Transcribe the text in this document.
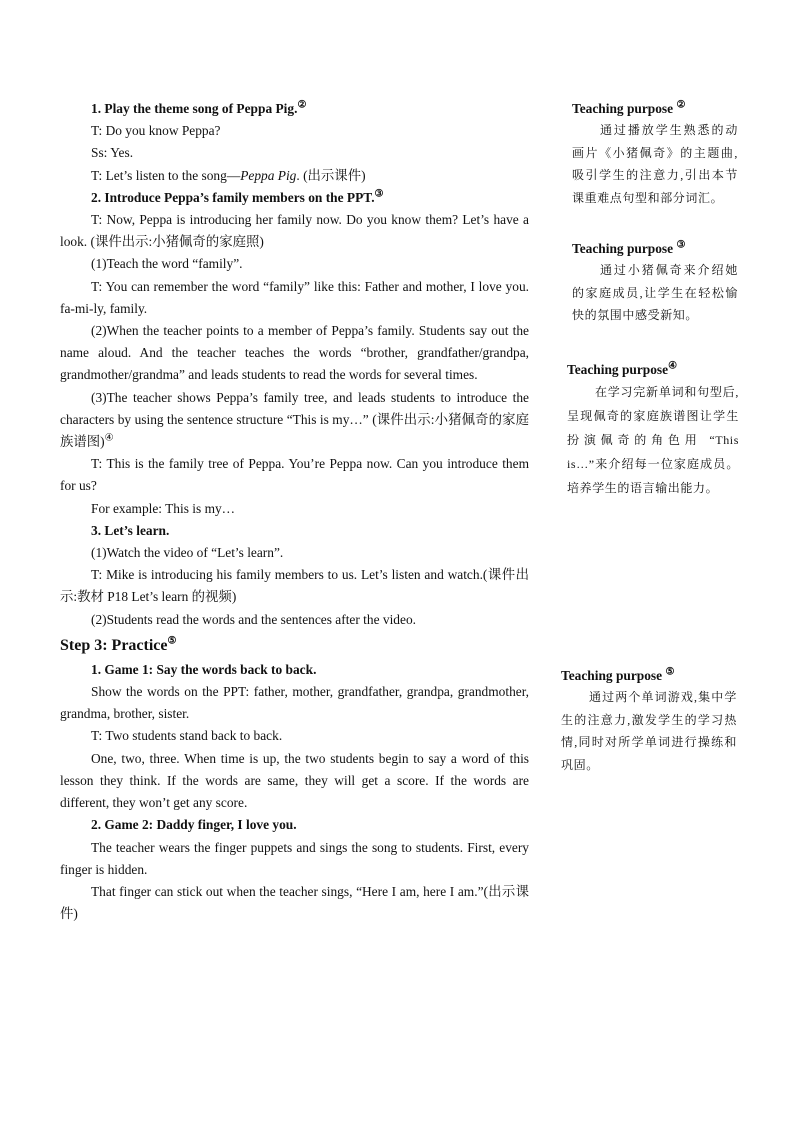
1. Play the theme song of Peppa Pig.②

T: Do you know Peppa?

Ss: Yes.

T: Let’s listen to the song—Peppa Pig. (出示课件)

2. Introduce Peppa’s family members on the PPT.③

T: Now, Peppa is introducing her family now. Do you know them? Let’s have a look. (课件出示:小猪佩奇的家庭照)

(1)Teach the word “family”.

T: You can remember the word “family” like this: Father and mother, I love you. fa-mi-ly, family.

(2)When the teacher points to a member of Peppa’s family. Students say out the name aloud. And the teacher teaches the words “brother, grandfather/grandpa, grandmother/grandma” and leads students to read the words for several times.

(3)The teacher shows Peppa’s family tree, and leads students to introduce the characters by using the sentence structure “This is my…” (课件出示:小猪佩奇的家庭族谱图)④

T: This is the family tree of Peppa. You’re Peppa now. Can you introduce them for us?

For example: This is my…

3. Let’s learn.

(1)Watch the video of “Let’s learn”.

T: Mike is introducing his family members to us. Let’s listen and watch.(课件出示:教材 P18 Let’s learn 的视频)

(2)Students read the words and the sentences after the video.

Step 3: Practice⑤

1. Game 1: Say the words back to back.

Show the words on the PPT: father, mother, grandfather, grandpa, grandmother, grandma, brother, sister.

T: Two students stand back to back.

One, two, three. When time is up, the two students begin to say a word of this lesson they think. If the words are same, they will get a score. If the words are different, they won’t get any score.

2. Game 2: Daddy finger, I love you.

The teacher wears the finger puppets and sings the song to students. First, every finger is hidden.

That finger can stick out when the teacher sings, “Here I am, here I am.”(出示课件)

Teaching purpose ②

通过播放学生熟悉的动画片《小猪佩奇》的主题曲,吸引学生的注意力,引出本节课重难点句型和部分词汇。

Teaching purpose ③

通过小猪佩奇来介绍她的家庭成员,让学生在轻松愉快的氛围中感受新知。

Teaching purpose④

在学习完新单词和句型后,呈现佩奇的家庭族谱图让学生扮演佩奇的角色用 “This is…”来介绍每一位家庭成员。培养学生的语言输出能力。

Teaching purpose ⑤

通过两个单词游戏,集中学生的注意力,激发学生的学习热情,同时对所学单词进行操练和巩固。
